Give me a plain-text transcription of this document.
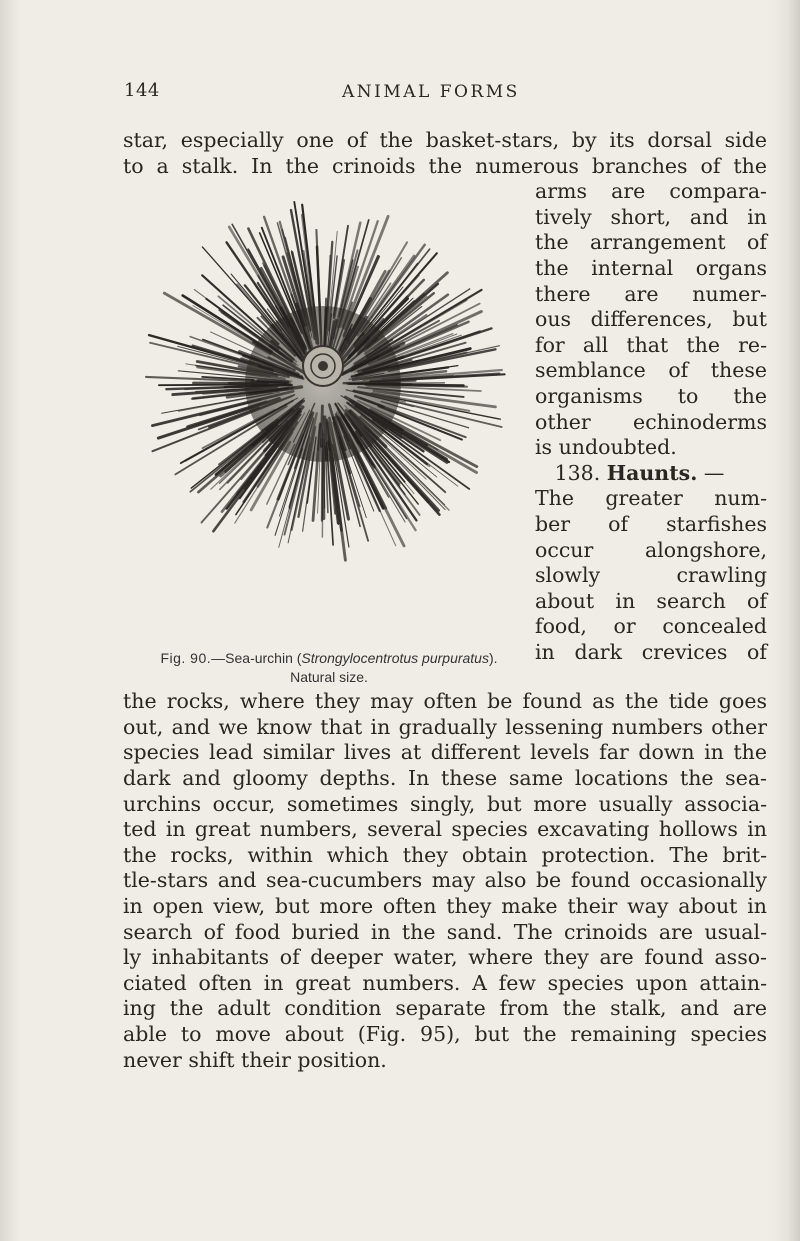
144	ANIMAL FORMS
star, especially one of the basket-stars, by its dorsal side
to a stalk. In the crinoids the numerous branches of the
Fig. 90.—Sea-urchin (Strongylocentrotus purpuratus).
Natural size.
arms are compara-
tively short, and in
the arrangement of
the internal organs
there are numer-
ous differences, but
for all that the re-
semblance of these
organisms to the
other echinoderms
is undoubted.
138. Haunts. —
The greater num-
ber of starfishes
occur alongshore,
slowly crawling
about in search of
food, or concealed
in dark crevices of
the rocks, where they may often be found as the tide goes
out, and we know that in gradually lessening numbers other
species lead similar lives at different levels far down in the
dark and gloomy depths. In these same locations the sea-
urchins occur, sometimes singly, but more usually associa-
ted in great numbers, several species excavating hollows in
the rocks, within which they obtain protection. The brit-
tle-stars and sea-cucumbers may also be found occasionally
in open view, but more often they make their way about in
search of food buried in the sand. The crinoids are usual-
ly inhabitants of deeper water, where they are found asso-
ciated often in great numbers. A few species upon attain-
ing the adult condition separate from the stalk, and are
able to move about (Fig. 95), but the remaining species
never shift their position.
